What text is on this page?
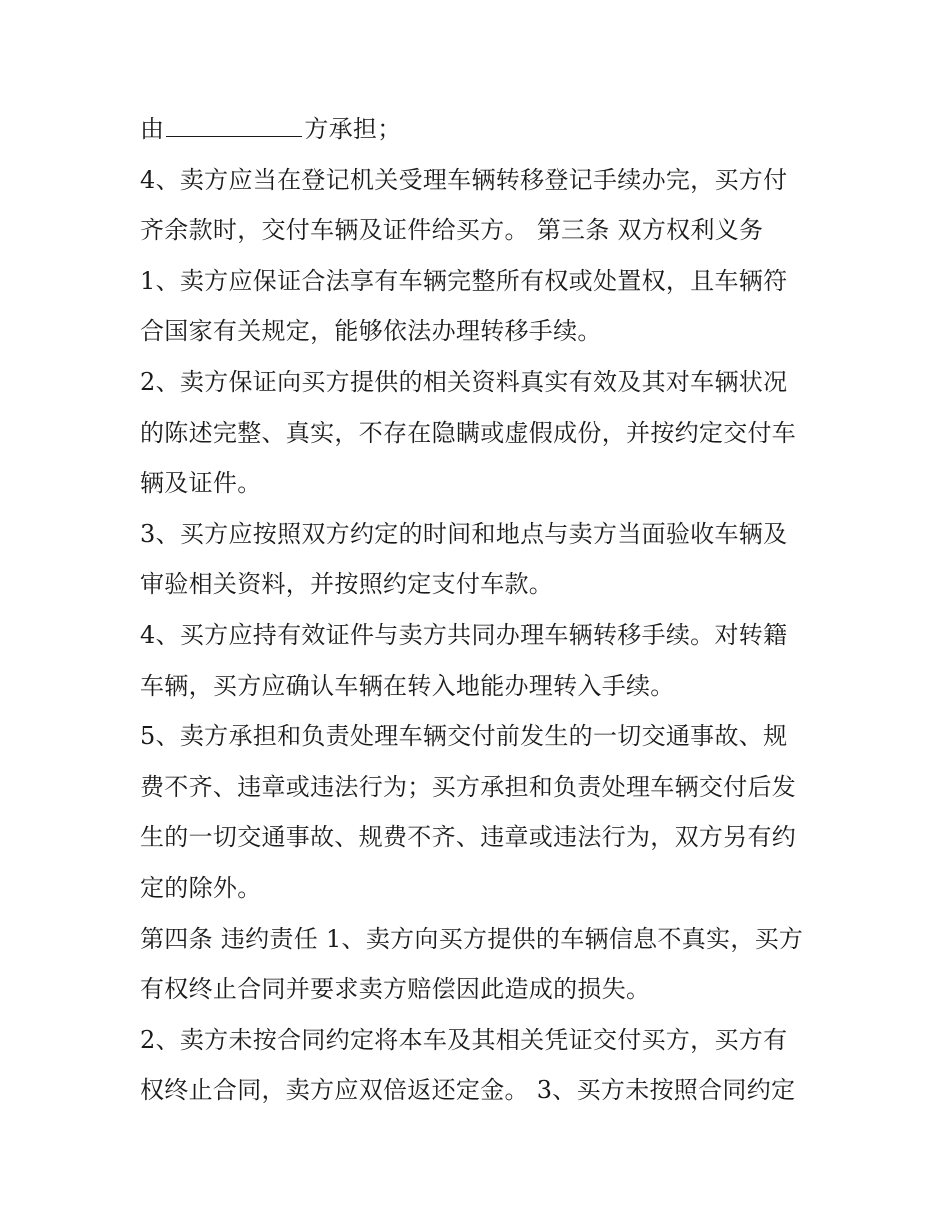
由	方承担；
4、卖方应当在登记机关受理车辆转移登记手续办完，买方付
齐余款时，交付车辆及证件给买方。 第三条 双方权利义务
1、卖方应保证合法享有车辆完整所有权或处置权，且车辆符
合国家有关规定，能够依法办理转移手续。
2、卖方保证向买方提供的相关资料真实有效及其对车辆状况
的陈述完整、真实，不存在隐瞒或虚假成份，并按约定交付车
辆及证件。
3、买方应按照双方约定的时间和地点与卖方当面验收车辆及
审验相关资料，并按照约定支付车款。
4、买方应持有效证件与卖方共同办理车辆转移手续。对转籍
车辆，买方应确认车辆在转入地能办理转入手续。
5、卖方承担和负责处理车辆交付前发生的一切交通事故、规
费不齐、违章或违法行为；买方承担和负责处理车辆交付后发
生的一切交通事故、规费不齐、违章或违法行为，双方另有约
定的除外。
第四条 违约责任 1、卖方向买方提供的车辆信息不真实，买方
有权终止合同并要求卖方赔偿因此造成的损失。
2、卖方未按合同约定将本车及其相关凭证交付买方，买方有
权终止合同，卖方应双倍返还定金。 3、买方未按照合同约定
